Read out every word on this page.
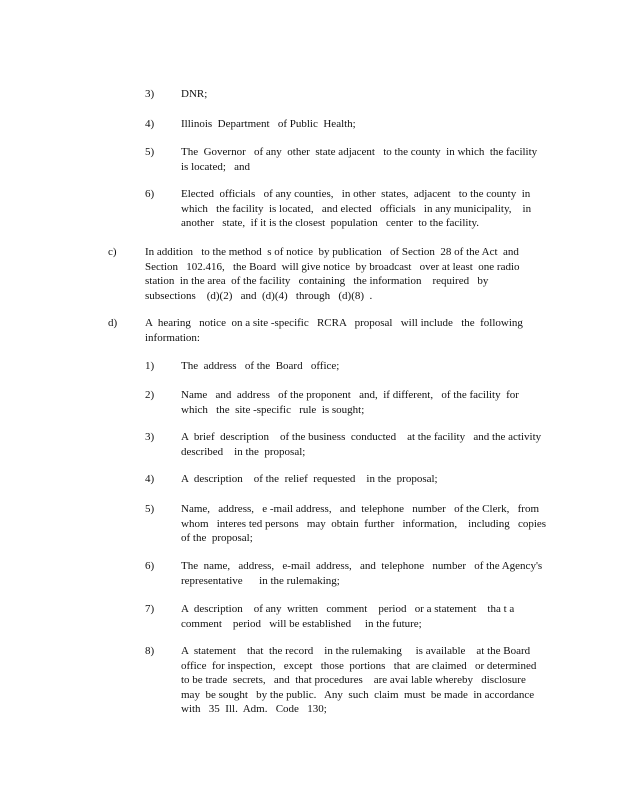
3) DNR;
4) Illinois  Department   of Public  Health;
5) The  Governor   of any  other  state adjacent   to the county  in which  the facility
is located;   and
6) Elected  officials   of any counties,   in other  states,  adjacent   to the county  in
which   the facility  is located,   and elected   officials   in any municipality,    in
another   state,  if it is the closest  population   center  to the facility.
c)	In addition   to the method  s of notice  by publication   of Section  28 of the Act  and
Section   102.416,   the Board  will give notice  by broadcast   over at least  one radio
station  in the area  of the facility   containing   the information    required   by
subsections    (d)(2)   and  (d)(4)   through   (d)(8)  .
d)	A  hearing   notice  on a site -specific   RCRA   proposal   will include   the  following
information:
1) The  address   of the  Board   office;
2) Name   and  address   of the proponent   and,  if different,   of the facility  for
which   the  site -specific   rule  is sought;
3) A  brief  description    of the business  conducted    at the facility   and the activity
described    in the  proposal;
4) A  description    of the  relief  requested    in the  proposal;
5) Name,   address,   e -mail address,   and  telephone   number   of the Clerk,   from
whom   interes ted persons   may  obtain  further   information,    including   copies
of the  proposal;
6) The  name,   address,   e-mail  address,   and  telephone   number   of the Agency's
representative      in the rulemaking;
7) A  description    of any  written   comment    period   or a statement    tha t a
comment    period   will be established     in the future;
8) A  statement    that  the record    in the rulemaking     is available    at the Board
office  for inspection,   except   those  portions   that  are claimed   or determined
to be trade  secrets,   and  that procedures    are avai lable whereby   disclosure
may  be sought   by the public.   Any  such  claim  must  be made  in accordance
with   35  Ill.  Adm.   Code   130;
